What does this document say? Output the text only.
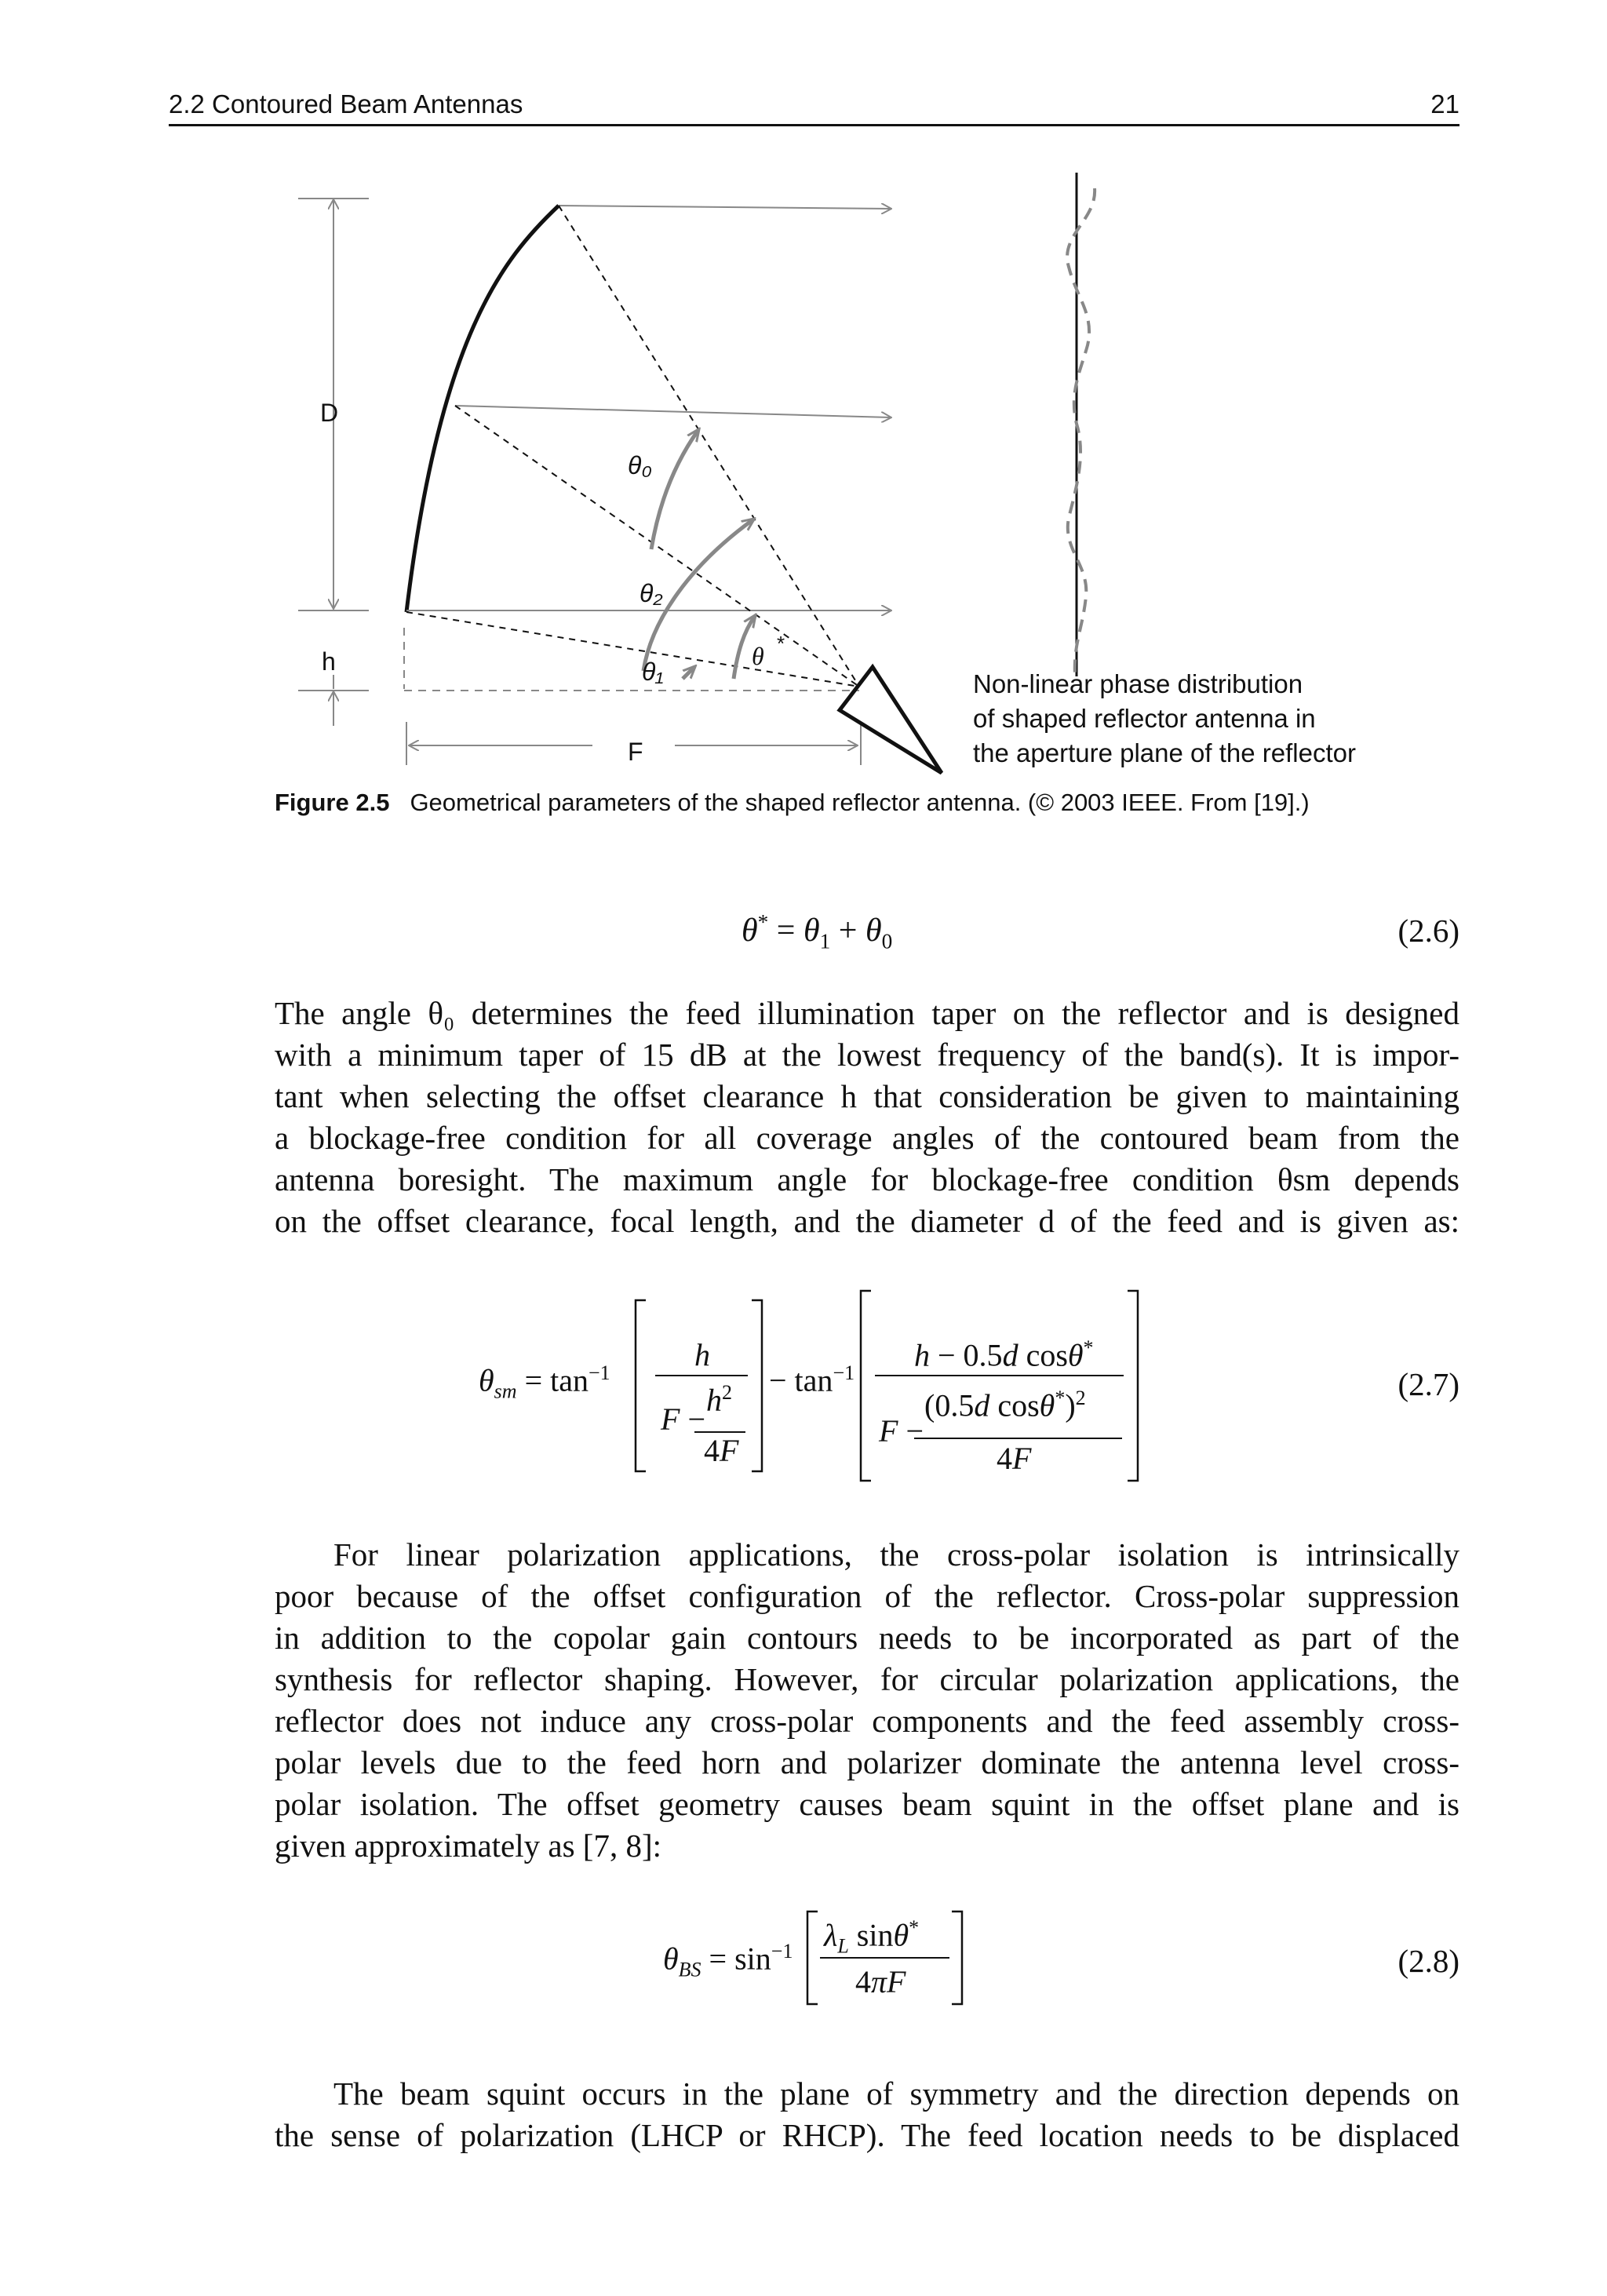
2.2 Contoured Beam Antennas	21
D
h
F
θ₀
θ₂
θ₁
θ *
Non-linear phase distribution
of shaped reflector antenna in
the aperture plane of the reflector
Figure 2.5 Geometrical parameters of the shaped reflector antenna. (© 2003 IEEE. From [19].)
$\theta^* = \theta_1 + \theta_0$	(2.6)
The angle θ₀ determines the feed illumination taper on the reflector and is designed
with a minimum taper of 15 dB at the lowest frequency of the band(s). It is impor-
tant when selecting the offset clearance h that consideration be given to maintaining
a blockage-free condition for all coverage angles of the contoured beam from the
antenna boresight. The maximum angle for blockage-free condition θsm depends
on the offset clearance, focal length, and the diameter d of the feed and is given as:
$\theta_{sm} = \tan^{-1}$
h
F −
$h^2$
4F
− $\tan^{-1}$
h − 0.5d cosθ*
F −
(0.5d cosθ*)$^2$
4F
(2.7)
For linear polarization applications, the cross-polar isolation is intrinsically
poor because of the offset configuration of the reflector. Cross-polar suppression
in addition to the copolar gain contours needs to be incorporated as part of the
synthesis for reflector shaping. However, for circular polarization applications, the
reflector does not induce any cross-polar components and the feed assembly cross-
polar levels due to the feed horn and polarizer dominate the antenna level cross-
polar isolation. The offset geometry causes beam squint in the offset plane and is
given approximately as [7, 8]:
$\theta_{BS} = \sin^{-1} \lambda_L$ sinθ*
4πF
(2.8)
The beam squint occurs in the plane of symmetry and the direction depends on
the sense of polarization (LHCP or RHCP). The feed location needs to be displaced
